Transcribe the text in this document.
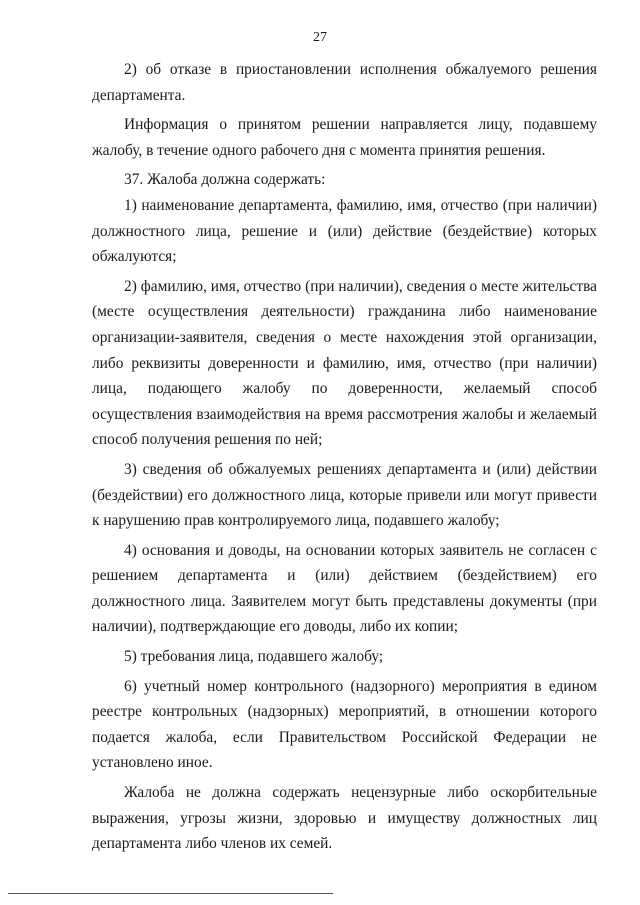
27

2) об отказе в приостановлении исполнения обжалуемого решения департамента.

Информация о принятом решении направляется лицу, подавшему жалобу, в течение одного рабочего дня с момента принятия решения.

37. Жалоба должна содержать:

1) наименование департамента, фамилию, имя, отчество (при наличии) должностного лица, решение и (или) действие (бездействие) которых обжалуются;

2) фамилию, имя, отчество (при наличии), сведения о месте жительства (месте осуществления деятельности) гражданина либо наименование организации-заявителя, сведения о месте нахождения этой организации, либо реквизиты доверенности и фамилию, имя, отчество (при наличии) лица, подающего жалобу по доверенности, желаемый способ осуществления взаимодействия на время рассмотрения жалобы и желаемый способ получения решения по ней;

3) сведения об обжалуемых решениях департамента и (или) действии (бездействии) его должностного лица, которые привели или могут привести к нарушению прав контролируемого лица, подавшего жалобу;

4) основания и доводы, на основании которых заявитель не согласен с решением департамента и (или) действием (бездействием) его должностного лица. Заявителем могут быть представлены документы (при наличии), подтверждающие его доводы, либо их копии;

5) требования лица, подавшего жалобу;

6) учетный номер контрольного (надзорного) мероприятия в едином реестре контрольных (надзорных) мероприятий, в отношении которого подается жалоба, если Правительством Российской Федерации не установлено иное.

Жалоба не должна содержать нецензурные либо оскорбительные выражения, угрозы жизни, здоровью и имуществу должностных лиц департамента либо членов их семей.
